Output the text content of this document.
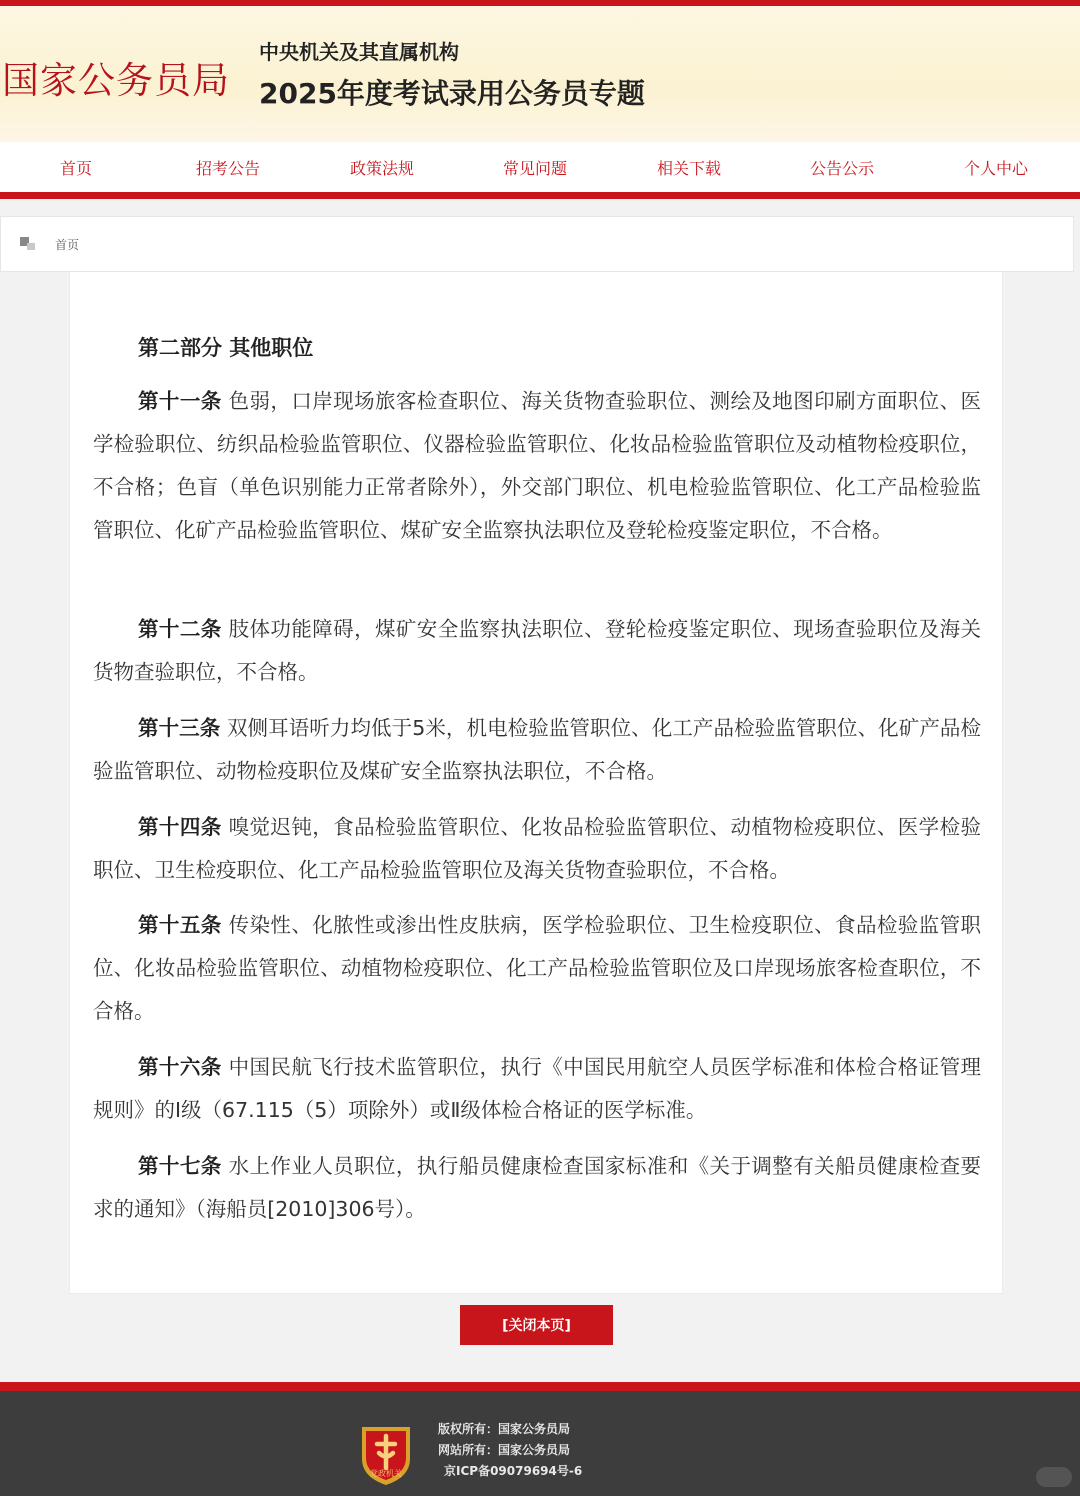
国家公务员局
中央机关及其直属机构
2025年度考试录用公务员专题
首页	招考公告	政策法规	常见问题	相关下载	公告公示	个人中心
首页
第二部分 其他职位

第十一条 色弱，口岸现场旅客检查职位、海关货物查验职位、测绘及地图印刷方面职位、医学检验职位、纺织品检验监管职位、仪器检验监管职位、化妆品检验监管职位及动植物检疫职位，不合格；色盲（单色识别能力正常者除外），外交部门职位、机电检验监管职位、化工产品检验监管职位、化矿产品检验监管职位、煤矿安全监察执法职位及登轮检疫鉴定职位，不合格。

第十二条 肢体功能障碍，煤矿安全监察执法职位、登轮检疫鉴定职位、现场查验职位及海关货物查验职位，不合格。

第十三条 双侧耳语听力均低于5米，机电检验监管职位、化工产品检验监管职位、化矿产品检验监管职位、动物检疫职位及煤矿安全监察执法职位，不合格。

第十四条 嗅觉迟钝，食品检验监管职位、化妆品检验监管职位、动植物检疫职位、医学检验职位、卫生检疫职位、化工产品检验监管职位及海关货物查验职位，不合格。

第十五条 传染性、化脓性或渗出性皮肤病，医学检验职位、卫生检疫职位、食品检验监管职位、化妆品检验监管职位、动植物检疫职位、化工产品检验监管职位及口岸现场旅客检查职位，不合格。

第十六条 中国民航飞行技术监管职位，执行《中国民用航空人员医学标准和体检合格证管理规则》的Ⅰ级（67.115（5）项除外）或Ⅱ级体检合格证的医学标准。

第十七条 水上作业人员职位，执行船员健康检查国家标准和《关于调整有关船员健康检查要求的通知》（海船员[2010]306号）。

[关闭本页]
党政机关
版权所有：国家公务员局
网站所有：国家公务员局
京ICP备09079694号-6
